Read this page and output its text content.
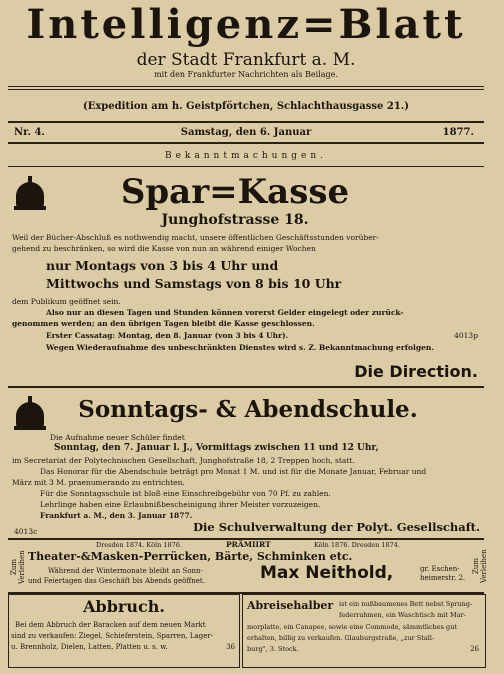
Intelligenz=Blatt
der Stadt Frankfurt a. M.
mit den Frankfurter Nachrichten als Beilage.
(Expedition am h. Geistpförtchen, Schlachthausgasse 21.)
Nr. 4.	Samstag, den 6. Januar	1877.
Bekanntmachungen.
Spar=Kasse
Junghofstrasse 18.
Weil der Bücher-Abschluß es nothwendig macht, unsere öffentlichen Geschäftsstunden vorüber-
gehend zu beschränken, so wird die Kasse von nun an während einiger Wochen
nur Montags von 3 bis 4 Uhr und
Mittwochs und Samstags von 8 bis 10 Uhr
dem Publikum geöffnet sein.
Also nur an diesen Tagen und Stunden können vorerst Gelder eingelegt oder zurück-
genommen werden; an den übrigen Tagen bleibt die Kasse geschlossen.
Erster Cassatag: Montag, den 8. Januar (von 3 bis 4 Uhr).	4013p
Wegen Wiederaufnahme des unbeschränkten Dienstes wird s. Z. Bekanntmachung erfolgen.
Die Direction.
Sonntags- & Abendschule.
Die Aufnahme neuer Schüler findet
Sonntag, den 7. Januar l. J., Vormittags zwischen 11 und 12 Uhr,
im Secretariat der Polytechnischen Gesellschaft, Junghofstraße 18, 2 Treppen hoch, statt.
Das Honorar für die Abendschule beträgt pro Monat 1 M. und ist für die Monate Januar, Februar und
März mit 3 M. praenumerando zu entrichten.
Für die Sonntagsschule ist bloß eine Einschreibgebühr von 70 Pf. zu zahlen.
Lehrlinge haben eine Erlaubnißbescheinigung ihrer Meister vorzuzeigen.
Frankfurt a. M., den 3. Januar 1877.
4013c	Die Schulverwaltung der Polyt. Gesellschaft.
Zum Verleihen	Zum Verleihen
Dresden 1874. Köln 1876.	PRÄMIIRT	Köln 1876. Dresden 1874.
Theater-&Masken-Perrücken, Bärte, Schminken etc.
Während der Wintermonate bleibt an Sonn-
und Feiertagen das Geschäft bis Abends geöffnet.	Max Neithold,	gr. Eschen-
heimerstr. 2.
Abbruch.
Bei dem Abbruch der Baracken auf dem neuen Markt
sind zu verkaufen: Ziegel, Schieferstein, Sparren, Lager-
u. Brennholz, Dielen, Latten, Platten u. s. w.	36
Abreisehalber ist ein nußbaumenes Bett nebst Sprung-
federrahmen, ein Waschtisch mit Mar-
morplatte, ein Canapee, sowie eine Commode, sämmtliches gut
erhalten, billig zu verkaufen. Glauburgstraße, „zur Stall-
burg", 3. Stock.	26
